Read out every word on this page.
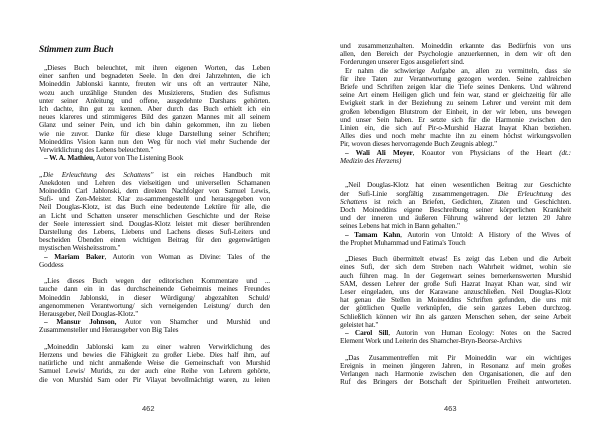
Stimmen zum Buch
„Dieses Buch beleuchtet, mit ihren eigenen Worten, das Leben
einer sanften und begnadeten Seele. In den drei Jahrzehnten, die ich
Moineddin Jablonski kannte, freuten wir uns oft an vertrauter Nähe,
wozu auch unzählige Stunden des Musizierens, Studien des Sufismus
unter seiner Anleitung und offene, ausgedehnte Darshans gehörten.
Ich dachte, ihn gut zu kennen. Aber durch das Buch erhielt ich ein
neues klareres und stimmigeres Bild des ganzen Mannes mit all seinem
Glanz und seiner Pein, und ich bin dahin gekommen, ihn zu lieben
wie nie zuvor. Danke für diese kluge Darstellung seiner Schriften;
Moineddins Vision kann nun den Weg für noch viel mehr Suchende der
Verwirklichung des Lebens beleuchten."
– W. A. Mathieu, Autor von The Listening Book
„Die Erleuchtung des Schattens" ist ein reiches Handbuch mit
Anekdoten und Lehren des vielseitigen und universellen Schamanen
Moineddin Carl Jablonski, dem direkten Nachfolger von Samuel Lewis,
Sufi- und Zen-Meister. Klar zu-sammengestellt und herausgegeben von
Neil Douglas-Klotz, ist das Buch eine bedeutende Lektüre für alle, die
an Licht und Schatten unserer menschlichen Geschichte und der Reise
der Seele interessiert sind. Douglas-Klotz leistet mit dieser berührenden
Darstellung des Lebens, Liebens und Lachens dieses Sufi-Leiters und
bescheiden Übenden einen wichtigen Beitrag für den gegenwärtigen
mystischen Weisheitsstrom."
– Mariam Baker, Autorin von Woman as Divine: Tales of the
Goddess
„Lies dieses Buch wegen der editorischen Kommentare und ...
tauche dann ein in das durchscheinende Geheimnis meines Freundes
Moineddin Jablonski, in dieser Würdigung/ abgezahlten Schuld/
angenommenen Verantwortung/ sich verneigenden Leistung/ durch den
Herausgeber, Neil Douglas-Klotz."
– Mansur Johnson, Autor von Shamcher und Murshid und
Zusammensteller und Herausgeber von Big Tales
„Moineddin Jablonski kam zu einer wahren Verwirklichung des
Herzens und bewies die Fähigkeit zu großer Liebe. Dies half ihm, auf
natürliche und nicht anmaßende Weise die Gemeinschaft von Murshid
Samuel Lewis/ Murids, zu der auch eine Reihe von Lehrern gehörte,
die von Murshid Sam oder Pir Vilayat bevollmächtigt waren, zu leiten
und zusammenzuhalten. Moineddin erkannte das Bedürfnis von uns
allen, den Bereich der Psychologie anzuerkennen, in dem wir oft den
Forderungen unserer Egos ausgeliefert sind.
Er nahm die schwierige Aufgabe an, allen zu vermitteln, dass sie
für ihre Taten zur Verantwortung gezogen werden. Seine zahlreichen
Briefe und Schriften zeigen klar die Tiefe seines Denkens. Und während
seine Art einem Heiligen glich und fein war, stand er gleichzeitig für alle
Ewigkeit stark in der Beziehung zu seinem Lehrer und vereint mit dem
großen lebendigen Blutstrom der Einheit, in der wir leben, uns bewegen
und unser Sein haben. Er setzte sich für die Harmonie zwischen den
Linien ein, die sich auf Pir-o-Murshid Hazrat Inayat Khan beziehen.
Alles dies und noch mehr machte ihn zu einem höchst wirkungsvollen
Pir, wovon dieses hervorragende Buch Zeugnis ablegt."
– Wali Ali Meyer, Koautor von Physicians of the Heart (dt.:
Medizin des Herzens)
„Neil Douglas-Klotz hat einen wesentlichen Beitrag zur Geschichte
der Sufi-Linie sorgfältig zusammengetragen. Die Erleuchtung des
Schattens ist reich an Briefen, Gedichten, Zitaten und Geschichten.
Doch Moineddins eigene Beschreibung seiner körperlichen Krankheit
und der inneren und äußeren Führung während der letzten 20 Jahre
seines Lebens hat mich in Bann gehalten."
– Tamam Kahn, Autorin von Untold: A History of the Wives of
the Prophet Muhammad und Fatima's Touch
„Dieses Buch übermittelt etwas! Es zeigt das Leben und die Arbeit
eines Sufi, der sich dem Streben nach Wahrheit widmet, wohin sie
auch führen mag. In der Gegenwart seines bemerkenswerten Murshid
SAM, dessen Lehrer der große Sufi Hazrat Inayat Khan war, sind wir
Leser eingeladen, uns der Karawane anzuschließen. Neil Douglas-Klotz
hat genau die Stellen in Moineddins Schriften gefunden, die uns mit
der göttlichen Quelle verknüpfen, die sein ganzes Leben durchzog.
Schließlich können wir ihn als ganzen Menschen sehen, der seine Arbeit
geleistet hat."
– Carol Sill, Autorin von Human Ecology: Notes on the Sacred
Element Work und Leiterin des Shamcher-Bryn-Beorse-Archivs
„Das Zusammentreffen mit Pir Moineddin war ein wichtiges
Ereignis in meinen jüngeren Jahren, in Resonanz auf mein großes
Verlangen nach Harmonie zwischen den Organisationen, die auf den
Ruf des Bringers der Botschaft der Spirituellen Freiheit antworteten.
462	463
